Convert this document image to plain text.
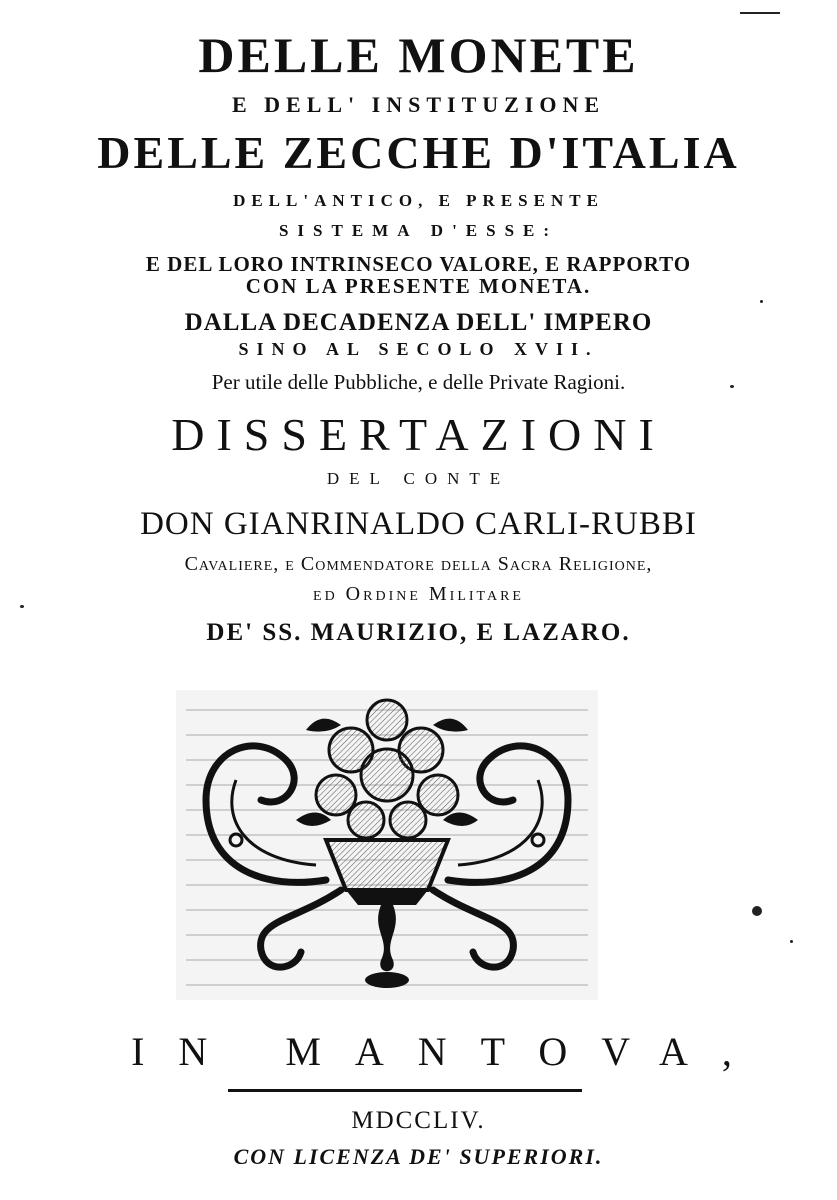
DELLE MONETE

E DELL' INSTITUZIONE

DELLE ZECCHE D'ITALIA

DELL'ANTICO, E PRESENTE

SISTEMA D'ESSE:

E DEL LORO INTRINSECO VALORE, E RAPPORTO

CON LA PRESENTE MONETA.

DALLA DECADENZA DELL' IMPERO

SINO AL SECOLO XVII.

Per utile delle Pubbliche, e delle Private Ragioni.

DISSERTAZIONI

DEL CONTE

DON GIANRINALDO CARLI-RUBBI

Cavaliere, e Commendatore della Sacra Religione,

ed Ordine Militare

DE' SS. MAURIZIO, E LAZARO.

IN MANTOVA,

MDCCLIV.

CON LICENZA DE' SUPERIORI.
